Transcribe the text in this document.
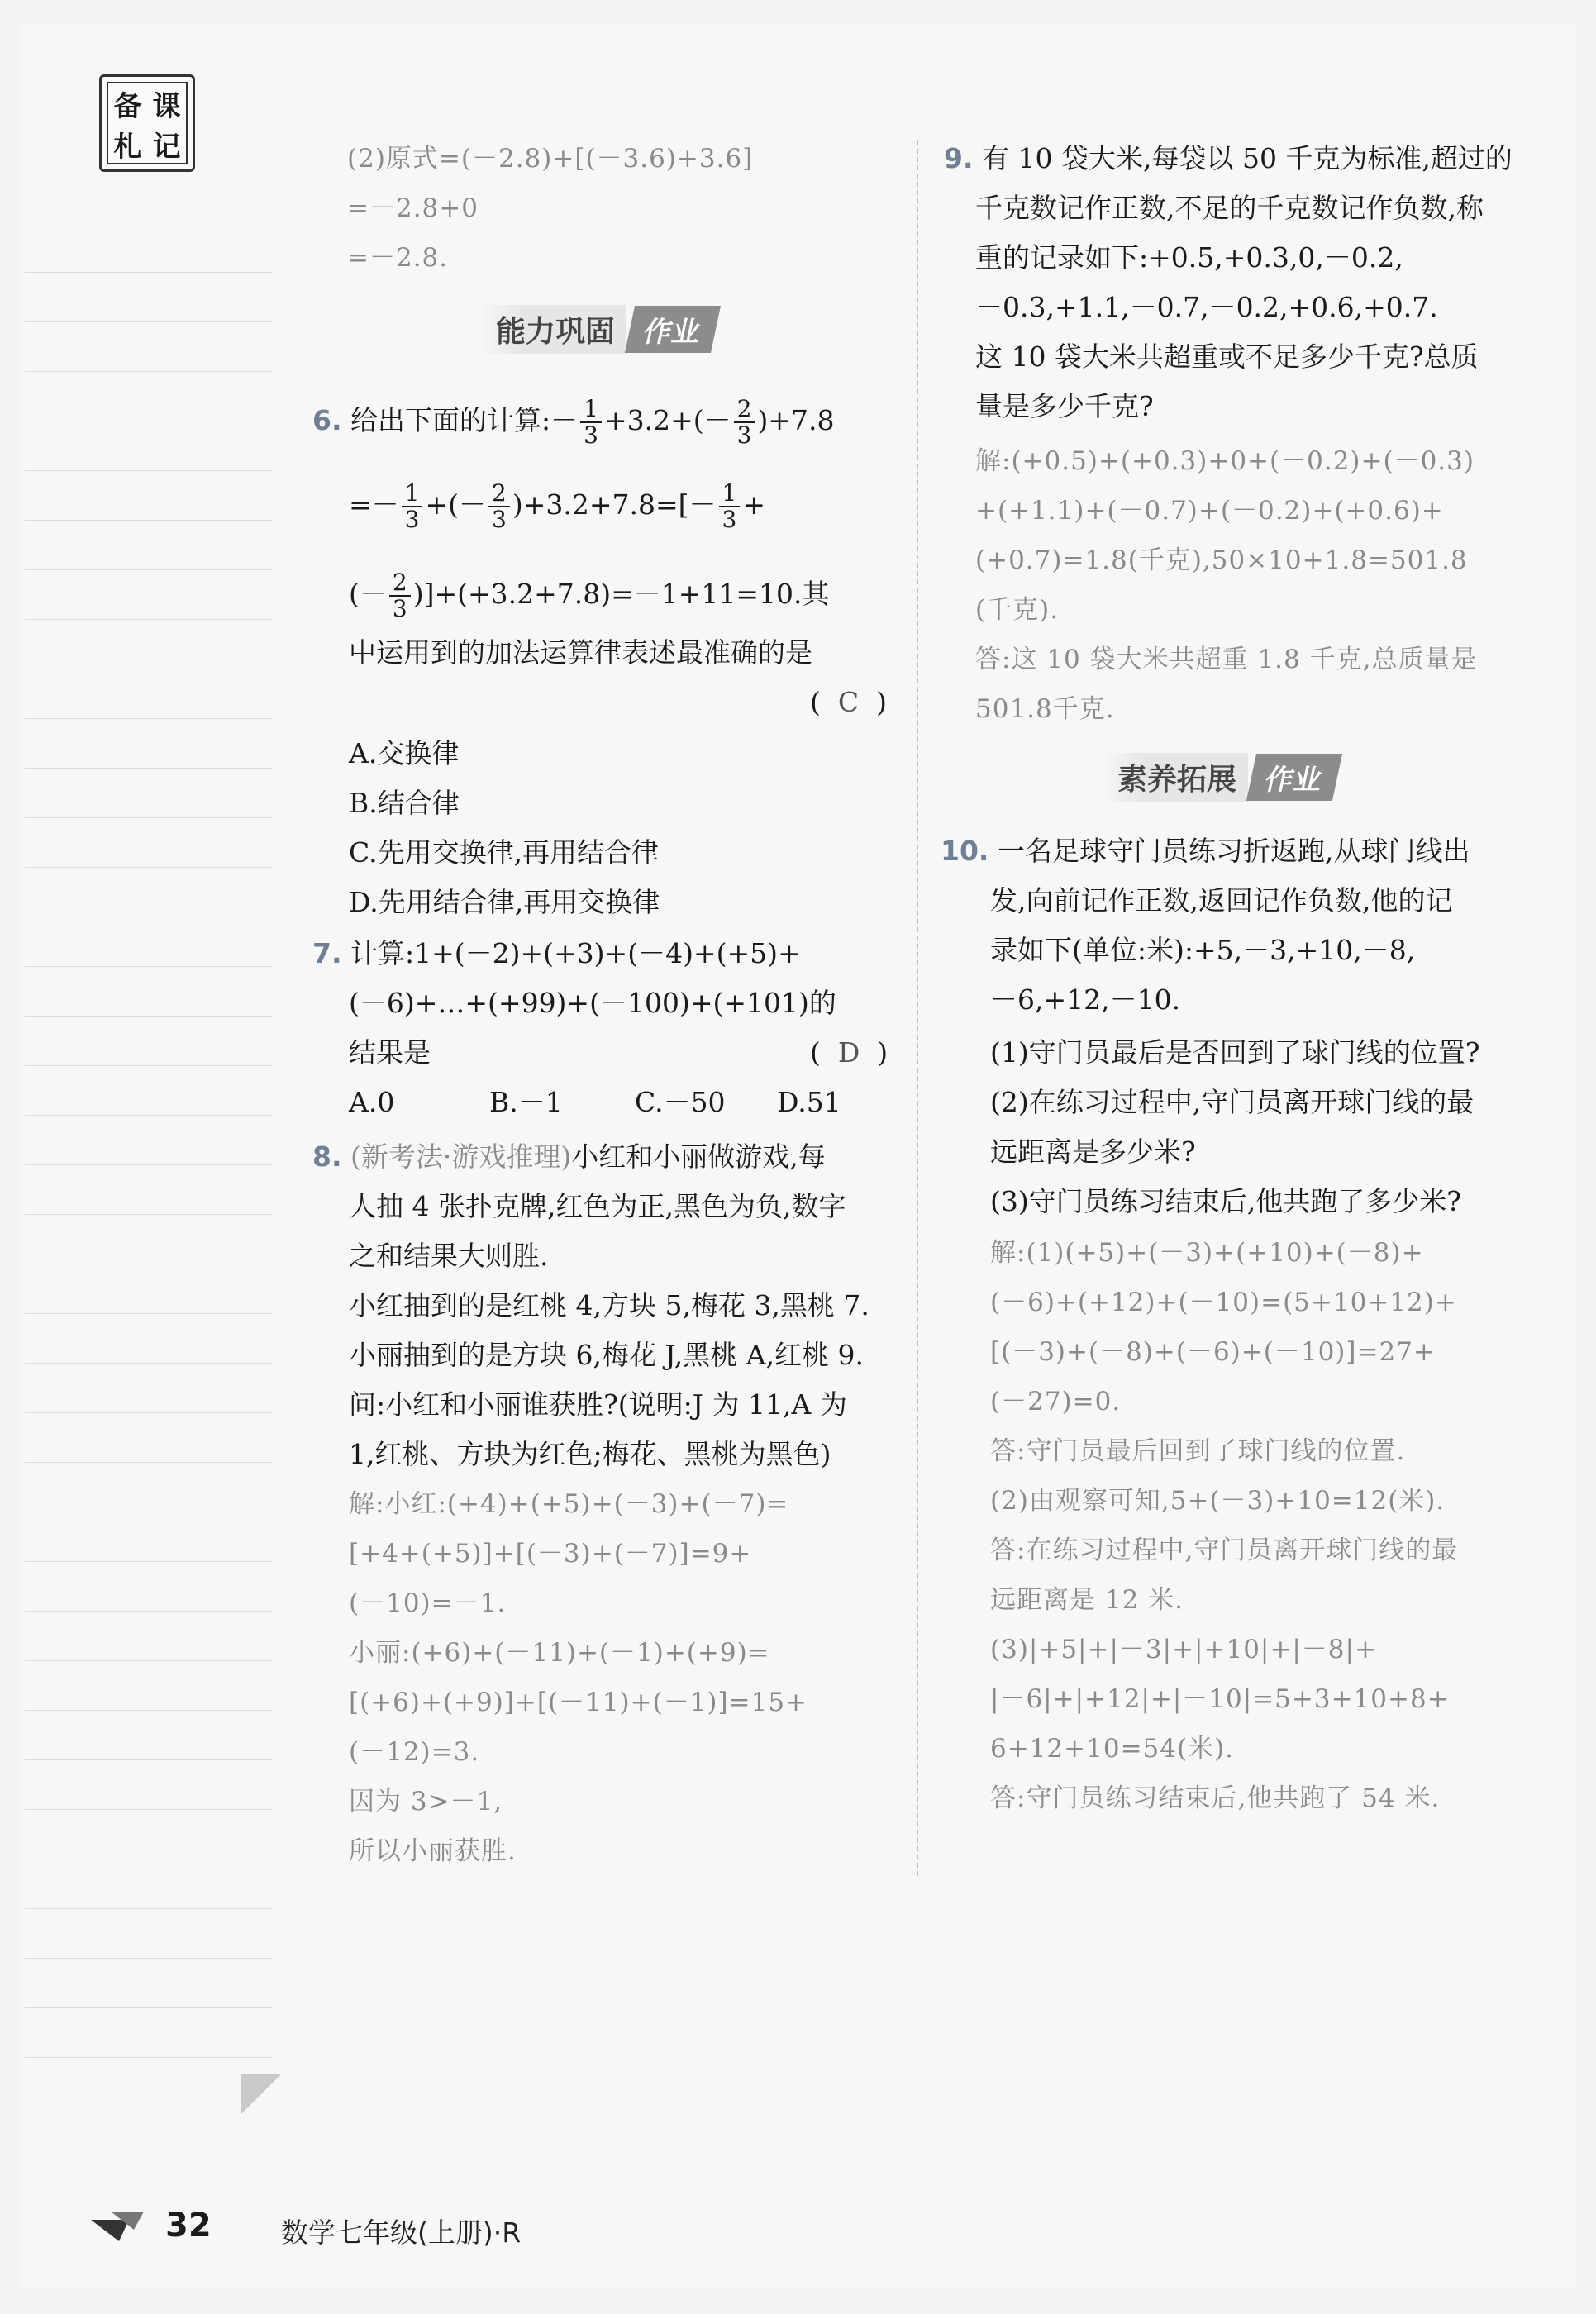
备 课
札 记	(2)原式=(－2.8)+[(－3.6)+3.6]
=－2.8+0
=－2.8.
能力巩固 作业
6. 给出下面的计算:－ $\frac{1}{3} +3.2+(- \frac{2}{3} )+7.8$
=－ $\frac{1}{3}$ +(－ $\frac{2}{3} )+3.2+7.8=[- \frac{1}{3}$ +
(－ $\frac{2}{3} )]+(+3.2+7.8)=-1+11=10$.其
中运用到的加法运算律表述最准确的是
(  C  )
A.交换律
B.结合律
C.先用交换律,再用结合律
D.先用结合律,再用交换律
7. 计算:1+(－2)+(+3)+(－4)+(+5)+
(－6)+…+(+99)+(－100)+(+101)的
结果是	(  D  )
A.0	B.－1	C.－50 D.51
8. (新考法·游戏推理)小红和小丽做游戏,每
人抽 4 张扑克牌,红色为正,黑色为负,数字
之和结果大则胜.
小红抽到的是红桃 4,方块 5,梅花 3,黑桃 7.
小丽抽到的是方块 6,梅花 J,黑桃 A,红桃 9.
问:小红和小丽谁获胜?(说明:J 为 11,A 为
1,红桃、方块为红色;梅花、黑桃为黑色)
解:小红:(+4)+(+5)+(－3)+(－7)=
[+4+(+5)]+[(－3)+(－7)]=9+
(－10)=－1.
小丽:(+6)+(－11)+(－1)+(+9)=
[(+6)+(+9)]+[(－11)+(－1)]=15+
(－12)=3.
因为 3>－1,
所以小丽获胜.
9. 有 10 袋大米,每袋以 50 千克为标准,超过的
千克数记作正数,不足的千克数记作负数,称
重的记录如下:+0.5,+0.3,0,－0.2,
－0.3,+1.1,－0.7,－0.2,+0.6,+0.7.
这 10 袋大米共超重或不足多少千克?总质
量是多少千克?
解:(+0.5)+(+0.3)+0+(－0.2)+(－0.3)
+(+1.1)+(－0.7)+(－0.2)+(+0.6)+
(+0.7)=1.8(千克),50×10+1.8=501.8
(千克).
答:这 10 袋大米共超重 1.8 千克,总质量是
501.8千克.
素养拓展 作业
10. 一名足球守门员练习折返跑,从球门线出
发,向前记作正数,返回记作负数,他的记
录如下(单位:米):+5,－3,+10,－8,
－6,+12,－10.
(1)守门员最后是否回到了球门线的位置?
(2)在练习过程中,守门员离开球门线的最
远距离是多少米?
(3)守门员练习结束后,他共跑了多少米?
解:(1)(+5)+(－3)+(+10)+(－8)+
(－6)+(+12)+(－10)=(5+10+12)+
[(－3)+(－8)+(－6)+(－10)]=27+
(－27)=0.
答:守门员最后回到了球门线的位置.
(2)由观察可知,5+(－3)+10=12(米).
答:在练习过程中,守门员离开球门线的最
远距离是 12 米.
(3)|+5|+|－3|+|+10|+|－8|+
|－6|+|+12|+|－10|=5+3+10+8+
6+12+10=54(米).
答:守门员练习结束后,他共跑了 54 米.
32	数学七年级(上册)·R
